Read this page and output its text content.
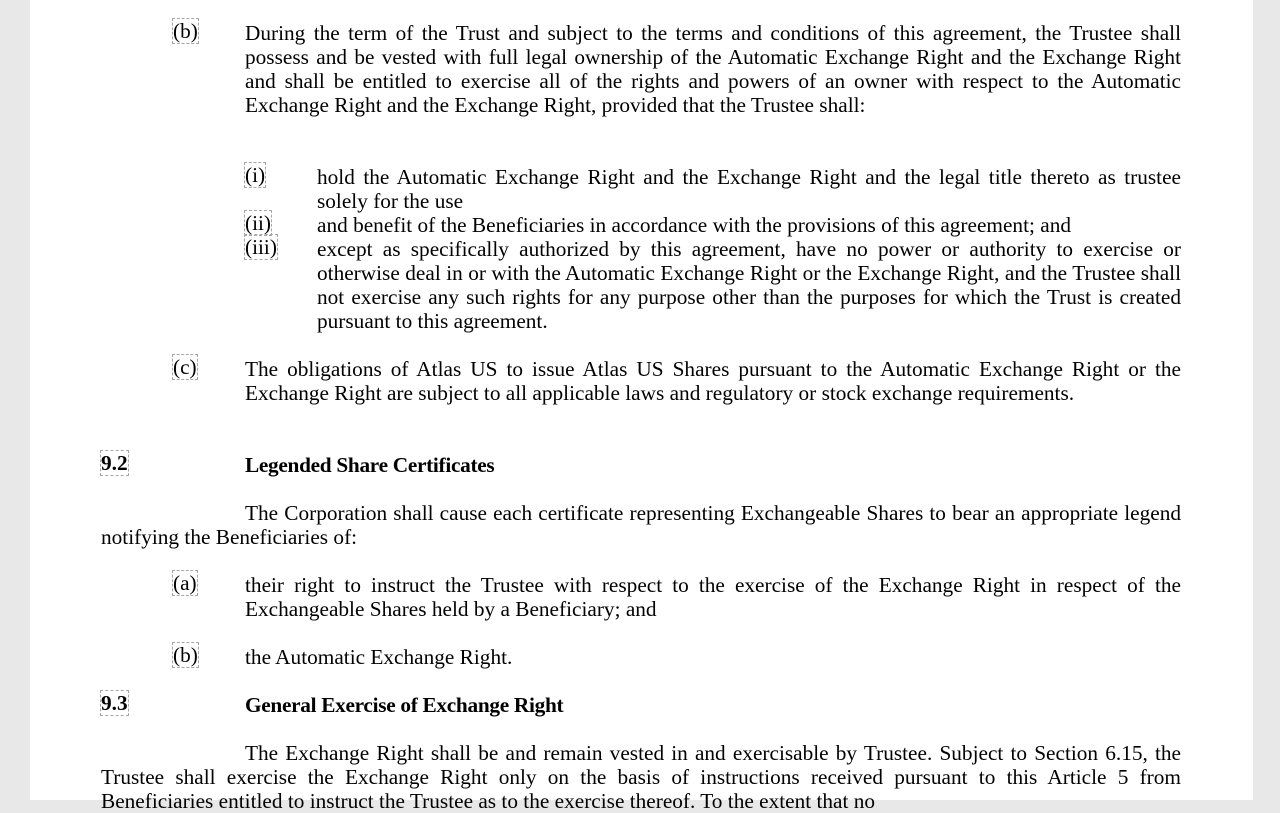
(b) During the term of the Trust and subject to the terms and conditions of this agreement, the Trustee shall possess and be vested with full legal ownership of the Automatic Exchange Right and the Exchange Right and shall be entitled to exercise all of the rights and powers of an owner with respect to the Automatic Exchange Right and the Exchange Right, provided that the Trustee shall:
(i) hold the Automatic Exchange Right and the Exchange Right and the legal title thereto as trustee solely for the use
(ii) and benefit of the Beneficiaries in accordance with the provisions of this agreement; and
(iii) except as specifically authorized by this agreement, have no power or authority to exercise or otherwise deal in or with the Automatic Exchange Right or the Exchange Right, and the Trustee shall not exercise any such rights for any purpose other than the purposes for which the Trust is created pursuant to this agreement.
(c) The obligations of Atlas US to issue Atlas US Shares pursuant to the Automatic Exchange Right or the Exchange Right are subject to all applicable laws and regulatory or stock exchange requirements.
9.2	Legended Share Certificates
The Corporation shall cause each certificate representing Exchangeable Shares to bear an appropriate legend notifying the Beneficiaries of:
(a) their right to instruct the Trustee with respect to the exercise of the Exchange Right in respect of the Exchangeable Shares held by a Beneficiary; and
(b) the Automatic Exchange Right.
9.3	General Exercise of Exchange Right
The Exchange Right shall be and remain vested in and exercisable by Trustee. Subject to Section 6.15, the Trustee shall exercise the Exchange Right only on the basis of instructions received pursuant to this Article 5 from Beneficiaries entitled to instruct the Trustee as to the exercise thereof. To the extent that no
